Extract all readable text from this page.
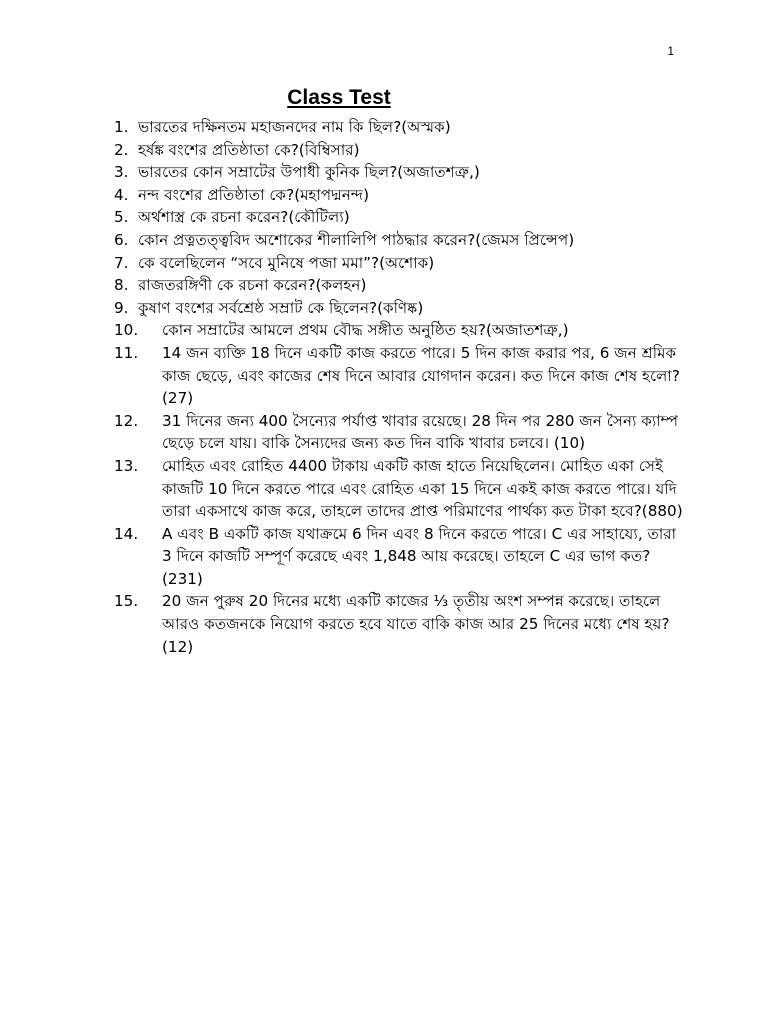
1
Class Test
1. ভারতের দক্ষিনতম মহাজনদের নাম কি ছিল?(অস্মক)
2. হর্ষঙ্ক বংশের প্রতিষ্ঠাতা কে?(বিম্বিসার)
3. ভারতের কোন সম্রাটের উপাধী কুনিক ছিল?(অজাতশত্রু,)
4. নন্দ বংশের প্রতিষ্ঠাতা কে?(মহাপদ্মনন্দ)
5. অর্থশাস্ত্র কে রচনা করেন?(কৌটিল্য)
6. কোন প্রত্নতত্ত্ববিদ অশোকের শীলালিপি পাঠদ্ধার করেন?(জেমস প্রিন্সেপ)
7. কে বলেছিলেন “সবে মুনিষে পজা মমা”?(অশোক)
8. রাজতরঙ্গিণী কে রচনা করেন?(কলহন)
9. কুষাণ বংশের সর্বশ্রেষ্ঠ সম্রাট কে ছিলেন?(কণিষ্ক)
10.	কোন সম্রাটের আমলে প্রথম বৌদ্ধ সঙ্গীত অনুষ্ঠিত হয়?(অজাতশত্রু,)
11.	14 জন ব্যক্তি 18 দিনে একটি কাজ করতে পারে। 5 দিন কাজ করার পর, 6 জন শ্রমিক কাজ ছেড়ে, এবং কাজের শেষ দিনে আবার যোগদান করেন। কত দিনে কাজ শেষ হলো?(27)
12.	31 দিনের জন্য 400 সৈন্যের পর্যাপ্ত খাবার রয়েছে। 28 দিন পর 280 জন সৈন্য ক্যাম্প ছেড়ে চলে যায়। বাকি সৈন্যদের জন্য কত দিন বাকি খাবার চলবে। (10)
13.	মোহিত এবং রোহিত 4400 টাকায় একটি কাজ হাতে নিয়েছিলেন। মোহিত একা সেই কাজটি 10 দিনে করতে পারে এবং রোহিত একা 15 দিনে একই কাজ করতে পারে। যদি তারা একসাথে কাজ করে, তাহলে তাদের প্রাপ্ত পরিমাণের পার্থক্য কত টাকা হবে?(880)
14.	A এবং B একটি কাজ যথাক্রমে 6 দিন এবং 8 দিনে করতে পারে। C এর সাহায্যে, তারা 3 দিনে কাজটি সম্পূর্ণ করেছে এবং 1,848 আয় করেছে। তাহলে C এর ভাগ কত?(231)
15.	20 জন পুরুষ 20 দিনের মধ্যে একটি কাজের ⅓ তৃতীয় অংশ সম্পন্ন করেছে। তাহলে আরও কতজনকে নিয়োগ করতে হবে যাতে বাকি কাজ আর 25 দিনের মধ্যে শেষ হয়?(12)
